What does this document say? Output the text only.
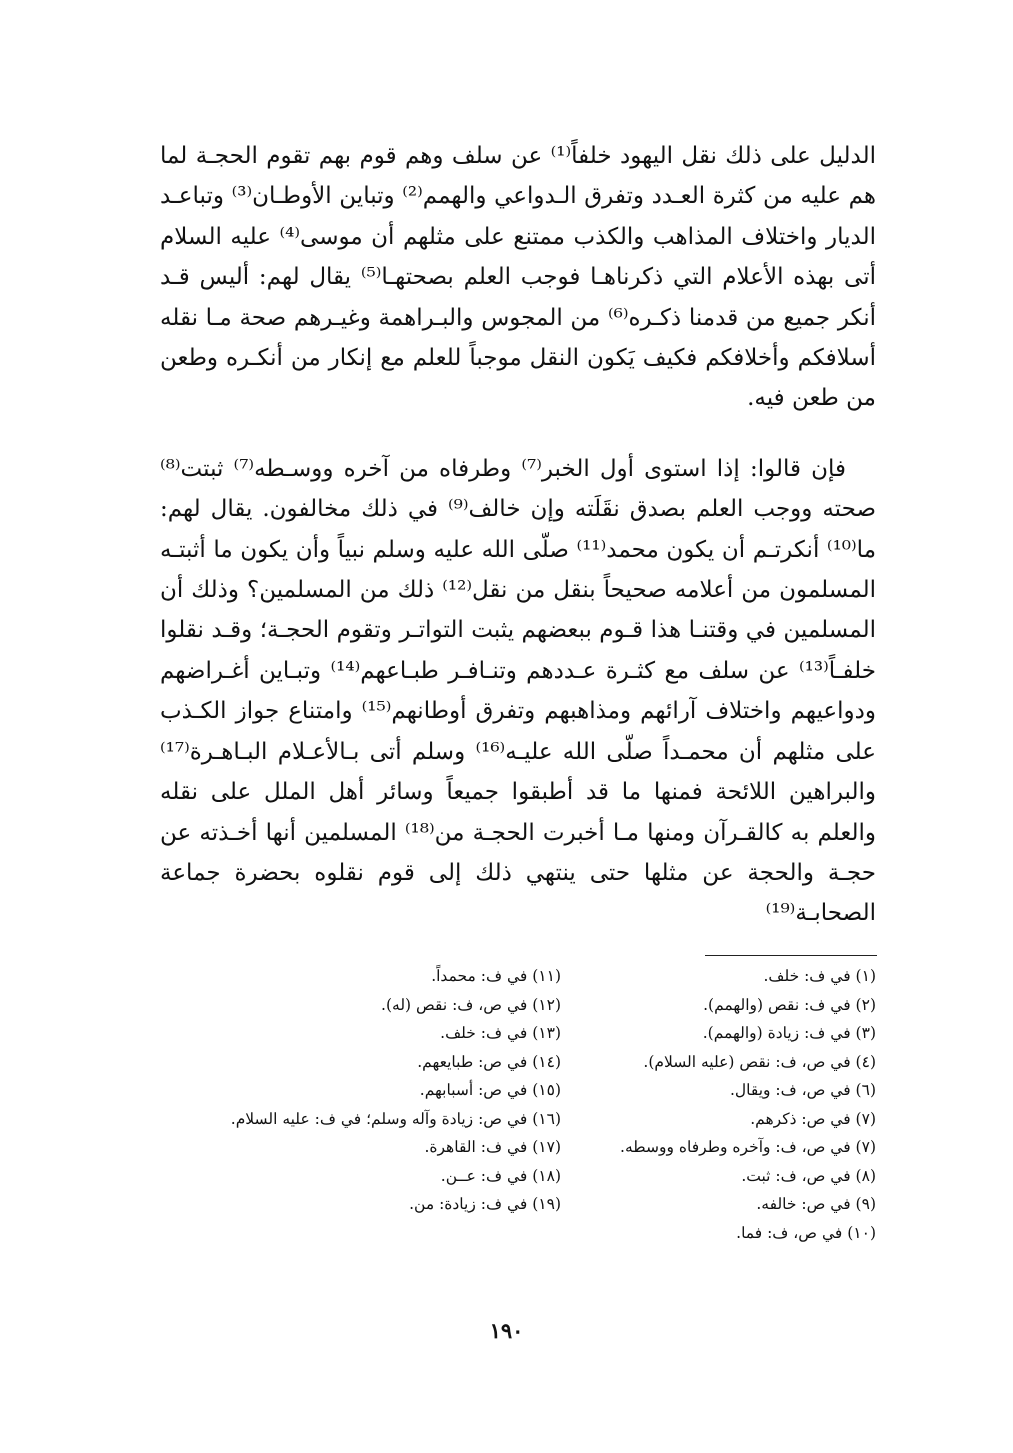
الدليل على ذلك نقل اليهود خلفاً⁽¹⁾ عن سلف وهم قوم بهم تقوم الحجـة لما هم عليه من كثرة العـدد وتفرق الـدواعي والهمم⁽²⁾ وتباين الأوطـان⁽³⁾ وتباعـد الديار واختلاف المذاهب والكذب ممتنع على مثلهم أن موسى⁽⁴⁾ عليه السلام أتى بهذه الأعلام التي ذكرناهـا فوجب العلم بصحتهـا⁽⁵⁾ يقال لهم: أليس قـد أنكر جميع من قدمنا ذكـره⁽⁶⁾ من المجوس والبـراهمة وغيـرهم صحة مـا نقله أسلافكم وأخلافكم فكيف يَكون النقل موجباً للعلم مع إنكار من أنكـره وطعن من طعن فيه.

فإن قالوا: إذا استوى أول الخبر⁽⁷⁾ وطرفاه من آخره ووسـطه⁽⁷⁾ ثبتت⁽⁸⁾ صحته ووجب العلم بصدق نقَلَته وإن خالف⁽⁹⁾ في ذلك مخالفون. يقال لهم: ما⁽¹⁰⁾ أنكرتـم أن يكون محمد⁽¹¹⁾ صلّى الله عليه وسلم نبياً وأن يكون ما أثبتـه المسلمون من أعلامه صحيحاً بنقل من نقل⁽¹²⁾ ذلك من المسلمين؟ وذلك أن المسلمين في وقتنـا هذا قـوم ببعضهم يثبت التواتـر وتقوم الحجـة؛ وقـد نقلوا خلفـاً⁽¹³⁾ عن سلف مع كثـرة عـددهم وتنـافـر طبـاعهم⁽¹⁴⁾ وتبـاين أغـراضهم ودواعيهم واختلاف آرائهم ومذاهبهم وتفرق أوطانهم⁽¹⁵⁾ وامتناع جواز الكـذب على مثلهم أن محمـداً صلّى الله عليـه⁽¹⁶⁾ وسلم أتى بـالأعـلام البـاهـرة⁽¹⁷⁾ والبراهين اللائحة فمنها ما قد أطبقوا جميعاً وسائر أهل الملل على نقله والعلم به كالقـرآن ومنها مـا أخبرت الحجـة من⁽¹⁸⁾ المسلمين أنها أخـذته عن حجـة والحجة عن مثلها حتى ينتهي ذلك إلى قوم نقلوه بحضرة جماعة الصحابـة⁽¹⁹⁾

(١) في ف: خلف.
(٢) في ف: نقص (والهمم).
(٣) في ف: زيادة (والهمم).
(٤) في ص، ف: نقص (عليه السلام).
(٦) في ص، ف: ويقال.
(٧) في ص: ذكرهم.
(٧) في ص، ف: وآخره وطرفاه ووسطه.
(٨) في ص، ف: ثبت.
(٩) في ص: خالفه.
(١٠) في ص، ف: فما.
(١١) في ف: محمداً.
(١٢) في ص، ف: نقص (له).
(١٣) في ف: خلف.
(١٤) في ص: طبايعهم.
(١٥) في ص: أسبابهم.
(١٦) في ص: زيادة وآله وسلم؛ في ف: عليه السلام.
(١٧) في ف: القاهرة.
(١٨) في ف: عــن.
(١٩) في ف: زيادة: من.
١٩٠
